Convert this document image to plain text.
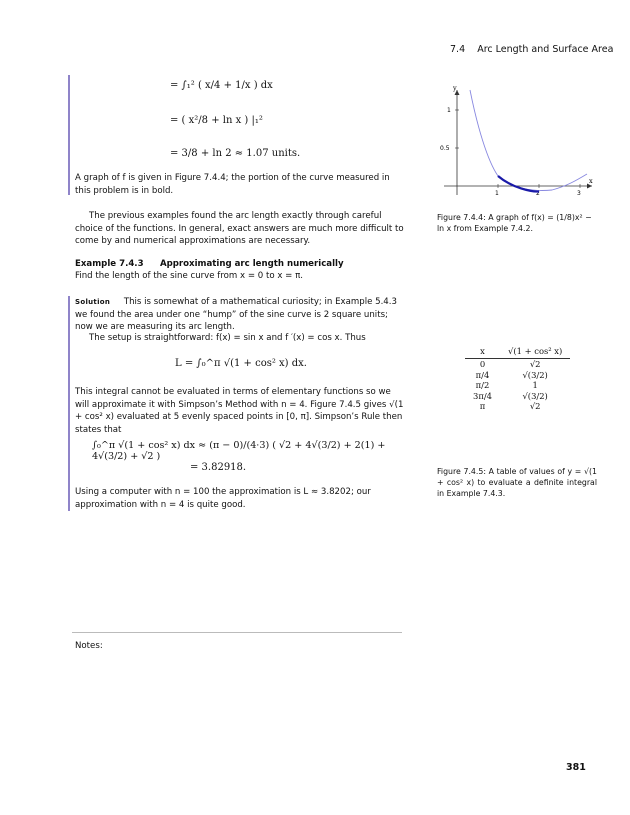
7.4 Arc Length and Surface Area
= ∫₁² ( x/4 + 1/x ) dx
= ( x²/8 + ln x ) |₁²
= 3/8 + ln 2 ≈ 1.07 units.
A graph of f is given in Figure 7.4.4; the portion of the curve measured in this problem is in bold.
The previous examples found the arc length exactly through careful choice of the functions. In general, exact answers are much more difficult to come by and numerical approximations are necessary.
Example 7.4.3 Approximating arc length numerically
Find the length of the sine curve from x = 0 to x = π.
Solution This is somewhat of a mathematical curiosity; in Example 5.4.3 we found the area under one “hump” of the sine curve is 2 square units; now we are measuring its arc length.
The setup is straightforward: f(x) = sin x and f ′(x) = cos x. Thus
L = ∫₀^π √(1 + cos² x) dx.
This integral cannot be evaluated in terms of elementary functions so we will approximate it with Simpson’s Method with n = 4. Figure 7.4.5 gives √(1 + cos² x) evaluated at 5 evenly spaced points in [0, π]. Simpson’s Rule then states that
∫₀^π √(1 + cos² x) dx ≈ (π − 0)/(4·3) ( √2 + 4√(3/2) + 2(1) + 4√(3/2) + √2 )
= 3.82918.
Using a computer with n = 100 the approximation is L ≈ 3.8202; our approximation with n = 4 is quite good.
x
y
1	2	3
0.5
1
Figure 7.4.4: A graph of f(x) = (1/8)x² − ln x from Example 7.4.2.
x	√(1 + cos² x)
0	√2
π/4	√(3/2)
π/2	1
3π/4	√(3/2)
π	√2
Figure 7.4.5: A table of values of y = √(1 + cos² x) to evaluate a definite integral in Example 7.4.3.
Notes:
381
